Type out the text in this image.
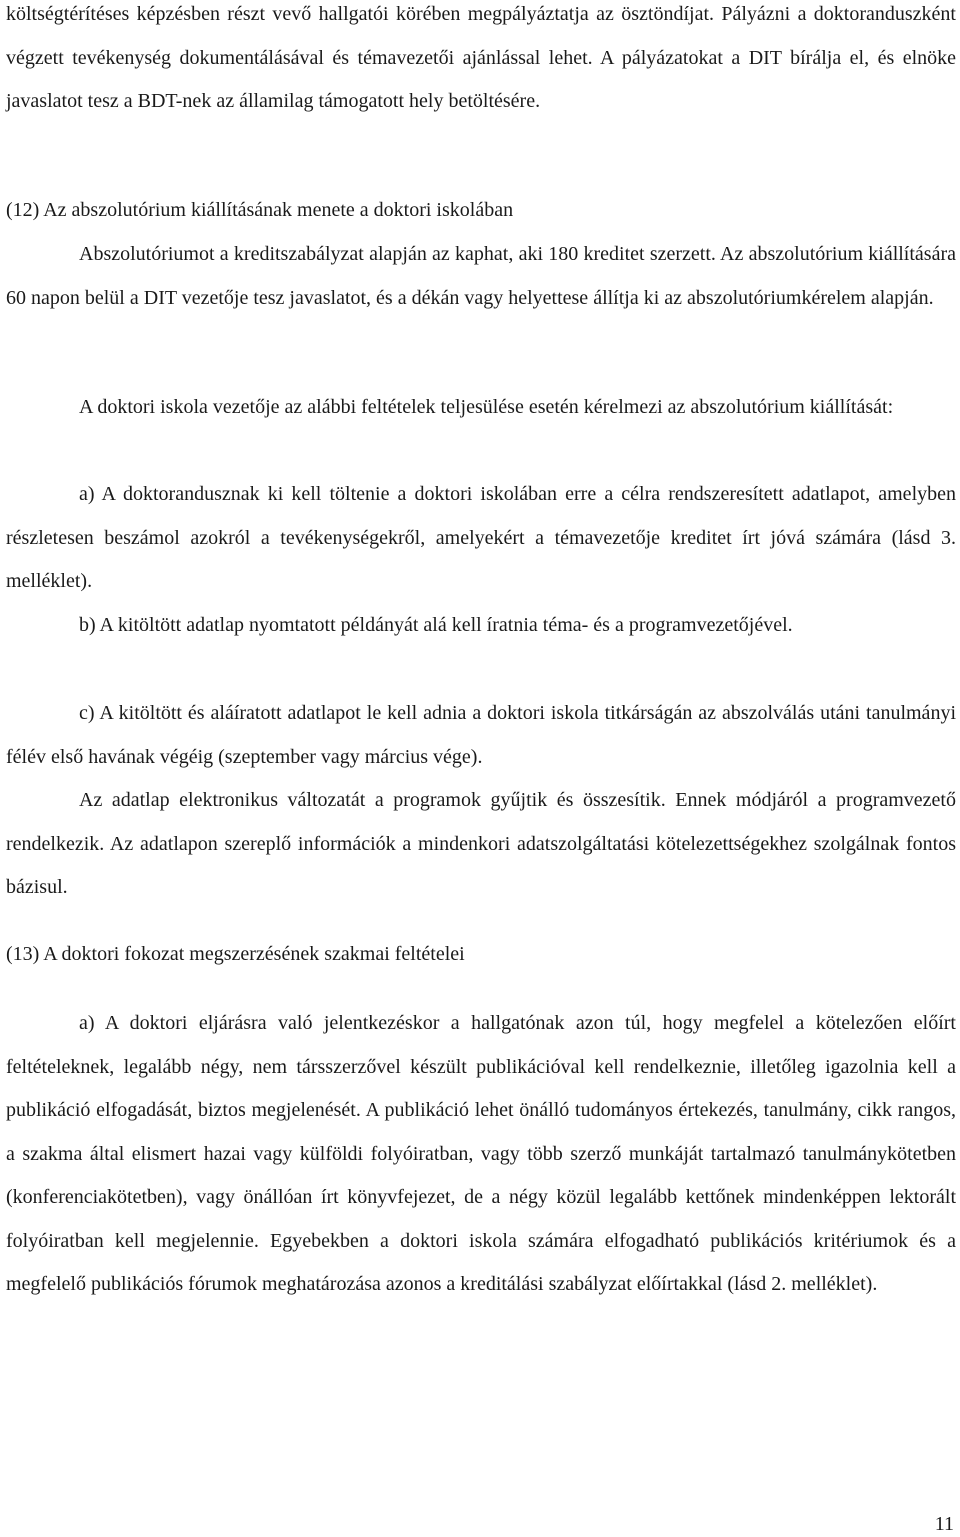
költségtérítéses képzésben részt vevő hallgatói körében megpályáztatja az ösztöndíjat. Pályázni a doktoranduszként végzett tevékenység dokumentálásával és témavezetői ajánlással lehet. A pályázatokat a DIT bírálja el, és elnöke javaslatot tesz a BDT-nek az államilag támogatott hely betöltésére.

(12) Az abszolutórium kiállításának menete a doktori iskolában

Abszolutóriumot a kreditszabályzat alapján az kaphat, aki 180 kreditet szerzett. Az abszolutórium kiállítására 60 napon belül a DIT vezetője tesz javaslatot, és a dékán vagy helyettese állítja ki az abszolutóriumkérelem alapján.

A doktori iskola vezetője az alábbi feltételek teljesülése esetén kérelmezi az abszolutórium kiállítását:

a) A doktorandusznak ki kell töltenie a doktori iskolában erre a célra rendszeresített adatlapot, amelyben részletesen beszámol azokról a tevékenységekről, amelyekért a témavezetője kreditet írt jóvá számára (lásd 3. melléklet).

b) A kitöltött adatlap nyomtatott példányát alá kell íratnia téma- és a programvezetőjével.

c) A kitöltött és aláíratott adatlapot le kell adnia a doktori iskola titkárságán az abszolválás utáni tanulmányi félév első havának végéig (szeptember vagy március vége).

Az adatlap elektronikus változatát a programok gyűjtik és összesítik. Ennek módjáról a programvezető rendelkezik. Az adatlapon szereplő információk a mindenkori adatszolgáltatási kötelezettségekhez szolgálnak fontos bázisul.

(13) A doktori fokozat megszerzésének szakmai feltételei

a) A doktori eljárásra való jelentkezéskor a hallgatónak azon túl, hogy megfelel a kötelezően előírt feltételeknek, legalább négy, nem társszerzővel készült publikációval kell rendelkeznie, illetőleg igazolnia kell a publikáció elfogadását, biztos megjelenését. A publikáció lehet önálló tudományos értekezés, tanulmány, cikk rangos, a szakma által elismert hazai vagy külföldi folyóiratban, vagy több szerző munkáját tartalmazó tanulmánykötetben (konferenciakötetben), vagy önállóan írt könyvfejezet, de a négy közül legalább kettőnek mindenképpen lektorált folyóiratban kell megjelennie. Egyebekben a doktori iskola számára elfogadható publikációs kritériumok és a megfelelő publikációs fórumok meghatározása azonos a kreditálási szabályzat előírtakkal (lásd 2. melléklet).

11
